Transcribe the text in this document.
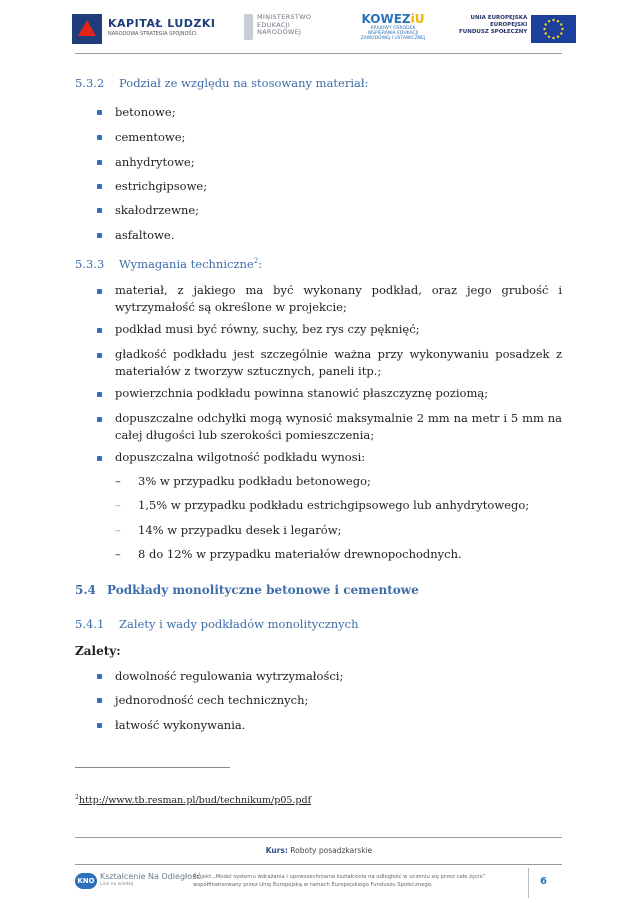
KAPITAŁ LUDZKI
NARODOWA STRATEGIA SPÓJNOŚCI
MINISTERSTWO
EDUKACJI
NARODOWEJ
KOWEZiU
KRAJOWY OŚRODEK WSPIERANIA EDUKACJI ZAWODOWEJ I USTAWICZNEJ
UNIA EUROPEJSKA
EUROPEJSKI
FUNDUSZ SPOŁECZNY
5.3.2 Podział ze względu na stosowany materiał:
betonowe;
cementowe;
anhydrytowe;
estrichgipsowe;
skałodrzewne;
asfaltowe.
5.3.3 Wymagania techniczne$^2$:
materiał, z jakiego ma być wykonany podkład, oraz jego grubość i wytrzymałość są określone w projekcie;
podkład musi być równy, suchy, bez rys czy pęknięć;
gładkość podkładu jest szczególnie ważna przy wykonywaniu posadzek z materiałów z tworzyw sztucznych, paneli itp.;
powierzchnia podkładu powinna stanowić płaszczyznę poziomą;
dopuszczalne odchyłki mogą wynosić maksymalnie 2 mm na metr i 5 mm na całej długości lub szerokości pomieszczenia;
dopuszczalna wilgotność podkładu wynosi:
– 3% w przypadku podkładu betonowego;
– 1,5% w przypadku podkładu estrichgipsowego lub anhydrytowego;
– 14% w przypadku desek i legarów;
– 8 do 12% w przypadku materiałów drewnopochodnych.
5.4 Podkłady monolityczne betonowe i cementowe
5.4.1 Zalety i wady podkładów monolitycznych
Zalety:
dowolność regulowania wytrzymałości;
jednorodność cech technicznych;
łatwość wykonywania.
$^2$http://www.tb.resman.pl/bud/technikum/p05.pdf
Kurs: Roboty posadzkarskie
KNO Kształcenie Na Odległość
Link na wiedzę
Projekt „Model systemu wdrażania i upowszechniania kształcenia na odległość w uczeniu się przez całe życie”
współfinansowany przez Unię Europejską w ramach Europejskiego Funduszu Społecznego.	6
